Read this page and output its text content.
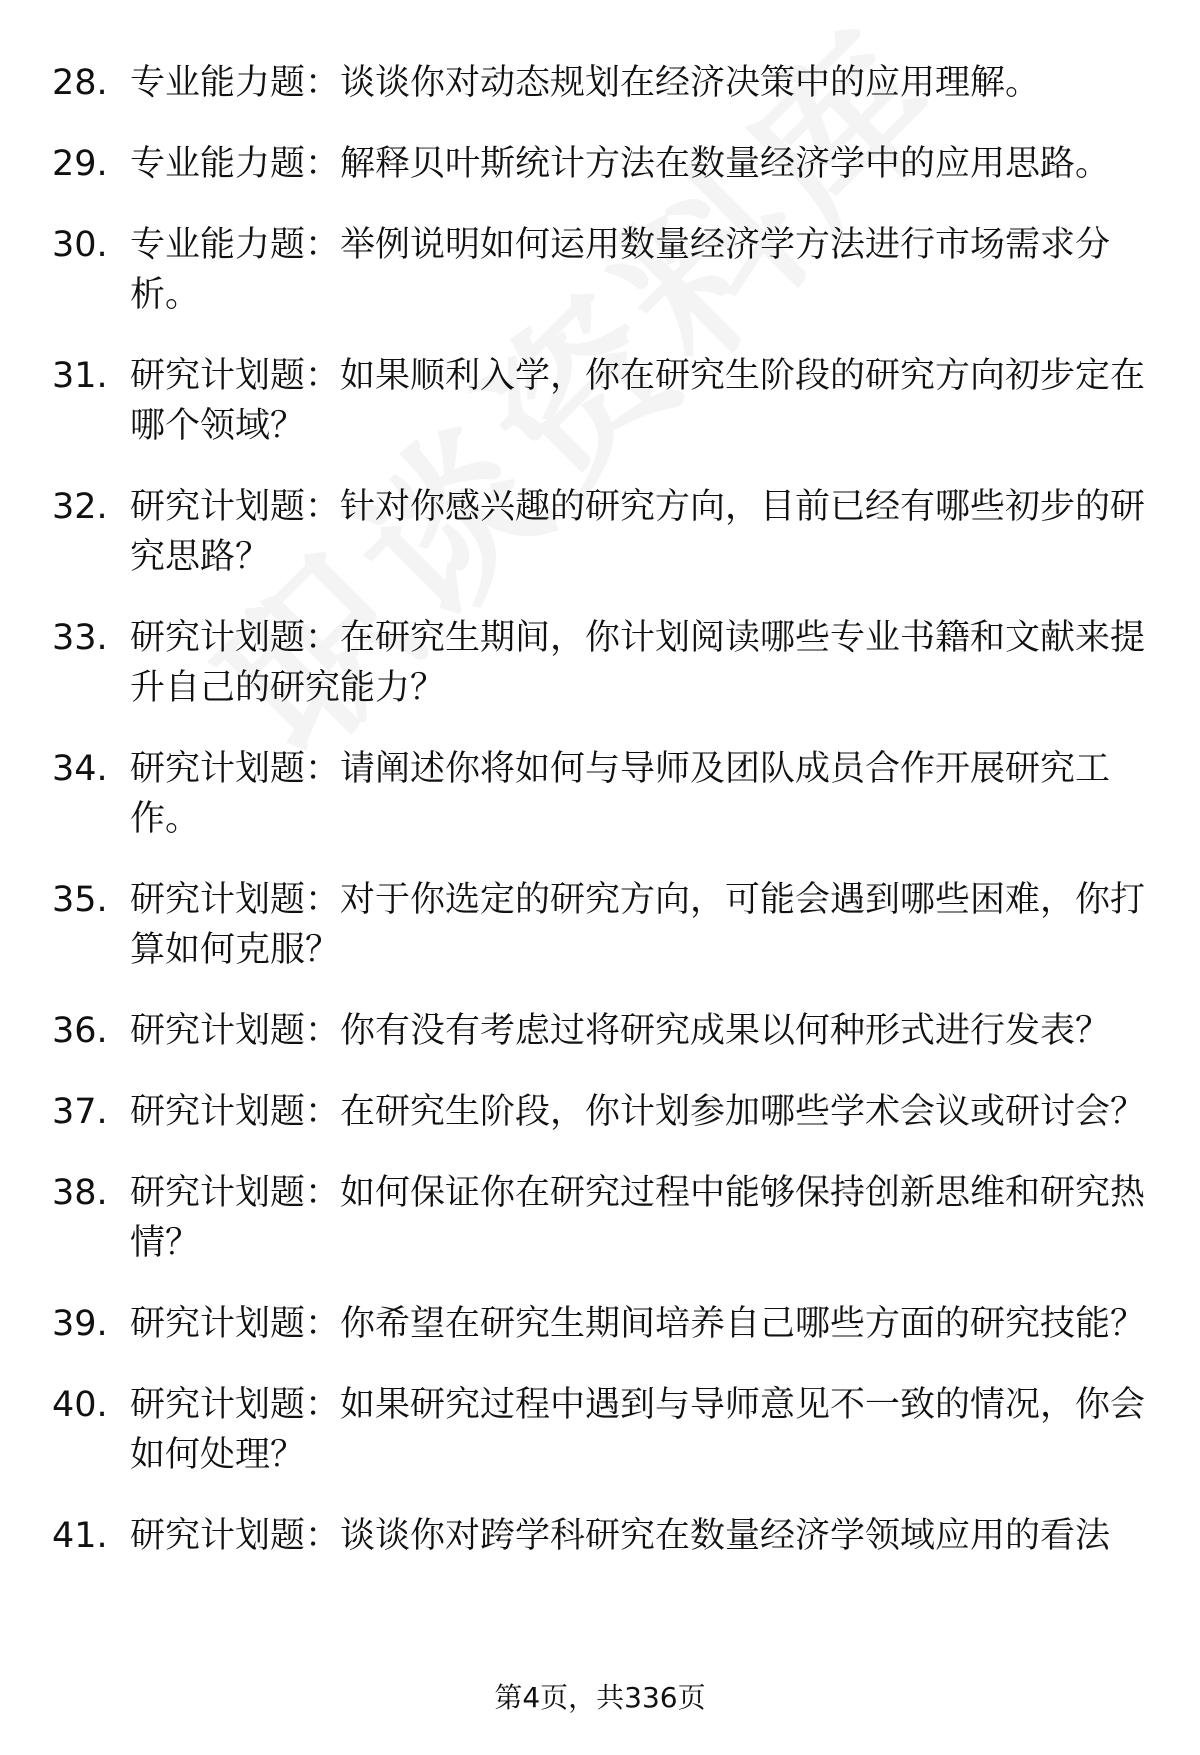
28. 专业能力题：谈谈你对动态规划在经济决策中的应用理解。
29. 专业能力题：解释贝叶斯统计方法在数量经济学中的应用思路。
30. 专业能力题：举例说明如何运用数量经济学方法进行市场需求分析。
31. 研究计划题：如果顺利入学，你在研究生阶段的研究方向初步定在哪个领域？
32. 研究计划题：针对你感兴趣的研究方向，目前已经有哪些初步的研究思路？
33. 研究计划题：在研究生期间，你计划阅读哪些专业书籍和文献来提升自己的研究能力？
34. 研究计划题：请阐述你将如何与导师及团队成员合作开展研究工作。
35. 研究计划题：对于你选定的研究方向，可能会遇到哪些困难，你打算如何克服？
36. 研究计划题：你有没有考虑过将研究成果以何种形式进行发表？
37. 研究计划题：在研究生阶段，你计划参加哪些学术会议或研讨会？
38. 研究计划题：如何保证你在研究过程中能够保持创新思维和研究热情？
39. 研究计划题：你希望在研究生期间培养自己哪些方面的研究技能？
40. 研究计划题：如果研究过程中遇到与导师意见不一致的情况，你会如何处理？
41. 研究计划题：谈谈你对跨学科研究在数量经济学领域应用的看法
第4页，共336页
